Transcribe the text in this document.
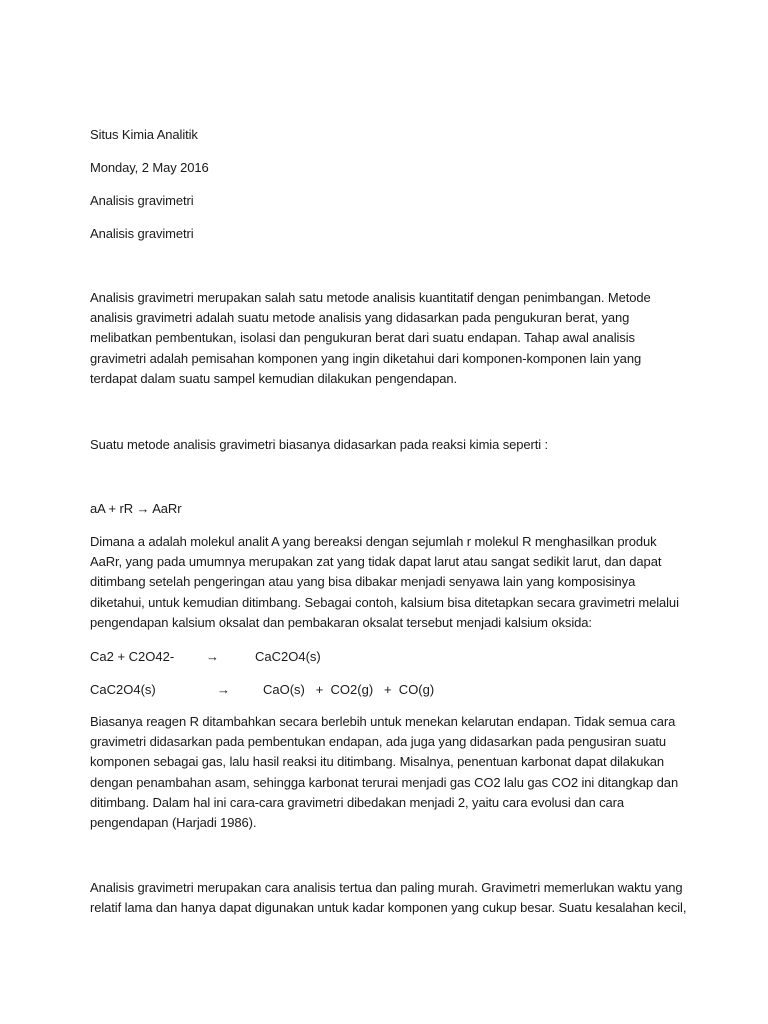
Situs Kimia Analitik
Monday, 2 May 2016
Analisis gravimetri
Analisis gravimetri
Analisis gravimetri merupakan salah satu metode analisis kuantitatif dengan penimbangan. Metode
analisis gravimetri adalah suatu metode analisis yang didasarkan pada pengukuran berat, yang
melibatkan pembentukan, isolasi dan pengukuran berat dari suatu endapan. Tahap awal analisis
gravimetri adalah pemisahan komponen yang ingin diketahui dari komponen-komponen lain yang
terdapat dalam suatu sampel kemudian dilakukan pengendapan.
Suatu metode analisis gravimetri biasanya didasarkan pada reaksi kimia seperti :
aA + rR → AaRr
Dimana a adalah molekul analit A yang bereaksi dengan sejumlah r molekul R menghasilkan produk
AaRr, yang pada umumnya merupakan zat yang tidak dapat larut atau sangat sedikit larut, dan dapat
ditimbang setelah pengeringan atau yang bisa dibakar menjadi senyawa lain yang komposisinya
diketahui, untuk kemudian ditimbang. Sebagai contoh, kalsium bisa ditetapkan secara gravimetri melalui
pengendapan kalsium oksalat dan pembakaran oksalat tersebut menjadi kalsium oksida:
Ca2 + C2O42- →	CaC2O4(s)
CaC2O4(s)	→	CaO(s)   +  CO2(g)   +  CO(g)
Biasanya reagen R ditambahkan secara berlebih untuk menekan kelarutan endapan. Tidak semua cara
gravimetri didasarkan pada pembentukan endapan, ada juga yang didasarkan pada pengusiran suatu
komponen sebagai gas, lalu hasil reaksi itu ditimbang. Misalnya, penentuan karbonat dapat dilakukan
dengan penambahan asam, sehingga karbonat terurai menjadi gas CO2 lalu gas CO2 ini ditangkap dan
ditimbang. Dalam hal ini cara-cara gravimetri dibedakan menjadi 2, yaitu cara evolusi dan cara
pengendapan (Harjadi 1986).
Analisis gravimetri merupakan cara analisis tertua dan paling murah. Gravimetri memerlukan waktu yang
relatif lama dan hanya dapat digunakan untuk kadar komponen yang cukup besar. Suatu kesalahan kecil,
